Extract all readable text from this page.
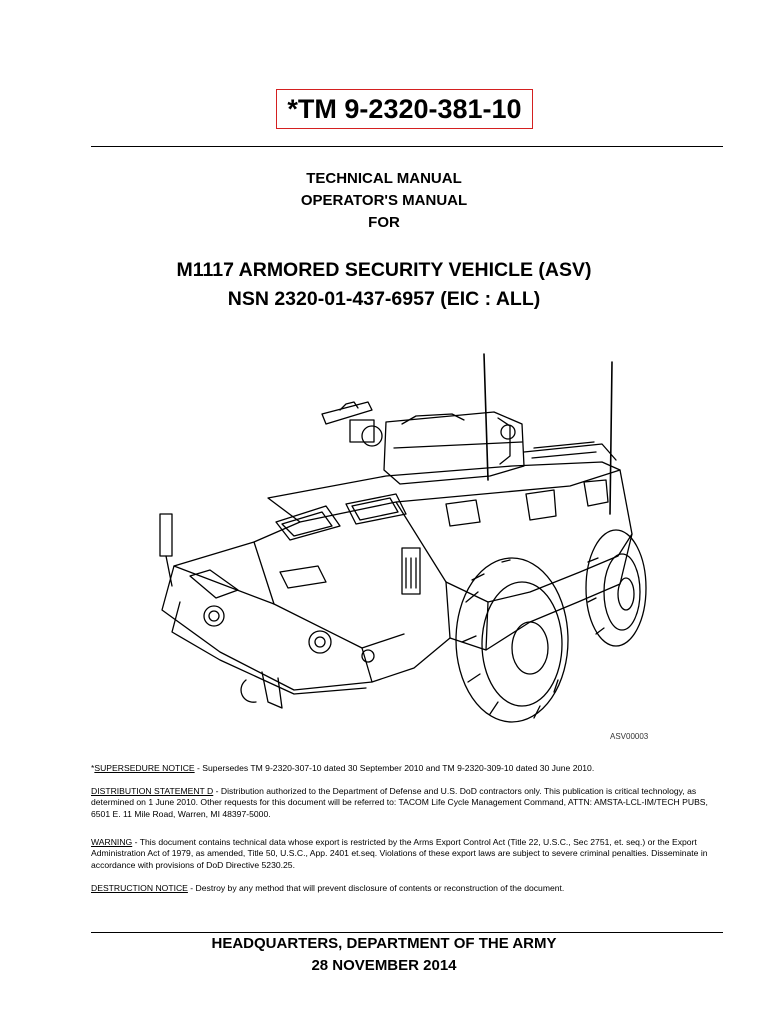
*TM 9-2320-381-10
TECHNICAL MANUAL
OPERATOR'S MANUAL
FOR
M1117 ARMORED SECURITY VEHICLE (ASV)
NSN 2320-01-437-6957 (EIC : ALL)
ASV00003
*SUPERSEDURE NOTICE - Supersedes TM 9-2320-307-10 dated 30 September 2010 and TM 9-2320-309-10 dated 30 June 2010.
DISTRIBUTION STATEMENT D - Distribution authorized to the Department of Defense and U.S. DoD contractors only. This publication is critical technology, as determined on 1 June 2010. Other requests for this document will be referred to: TACOM Life Cycle Management Command, ATTN: AMSTA-LCL-IM/TECH PUBS, 6501 E. 11 Mile Road, Warren, MI 48397-5000.
WARNING - This document contains technical data whose export is restricted by the Arms Export Control Act (Title 22, U.S.C., Sec 2751, et. seq.) or the Export Administration Act of 1979, as amended, Title 50, U.S.C., App. 2401 et.seq. Violations of these export laws are subject to severe criminal penalties. Disseminate in accordance with provisions of DoD Directive 5230.25.
DESTRUCTION NOTICE - Destroy by any method that will prevent disclosure of contents or reconstruction of the document.
HEADQUARTERS, DEPARTMENT OF THE ARMY
28 NOVEMBER 2014
